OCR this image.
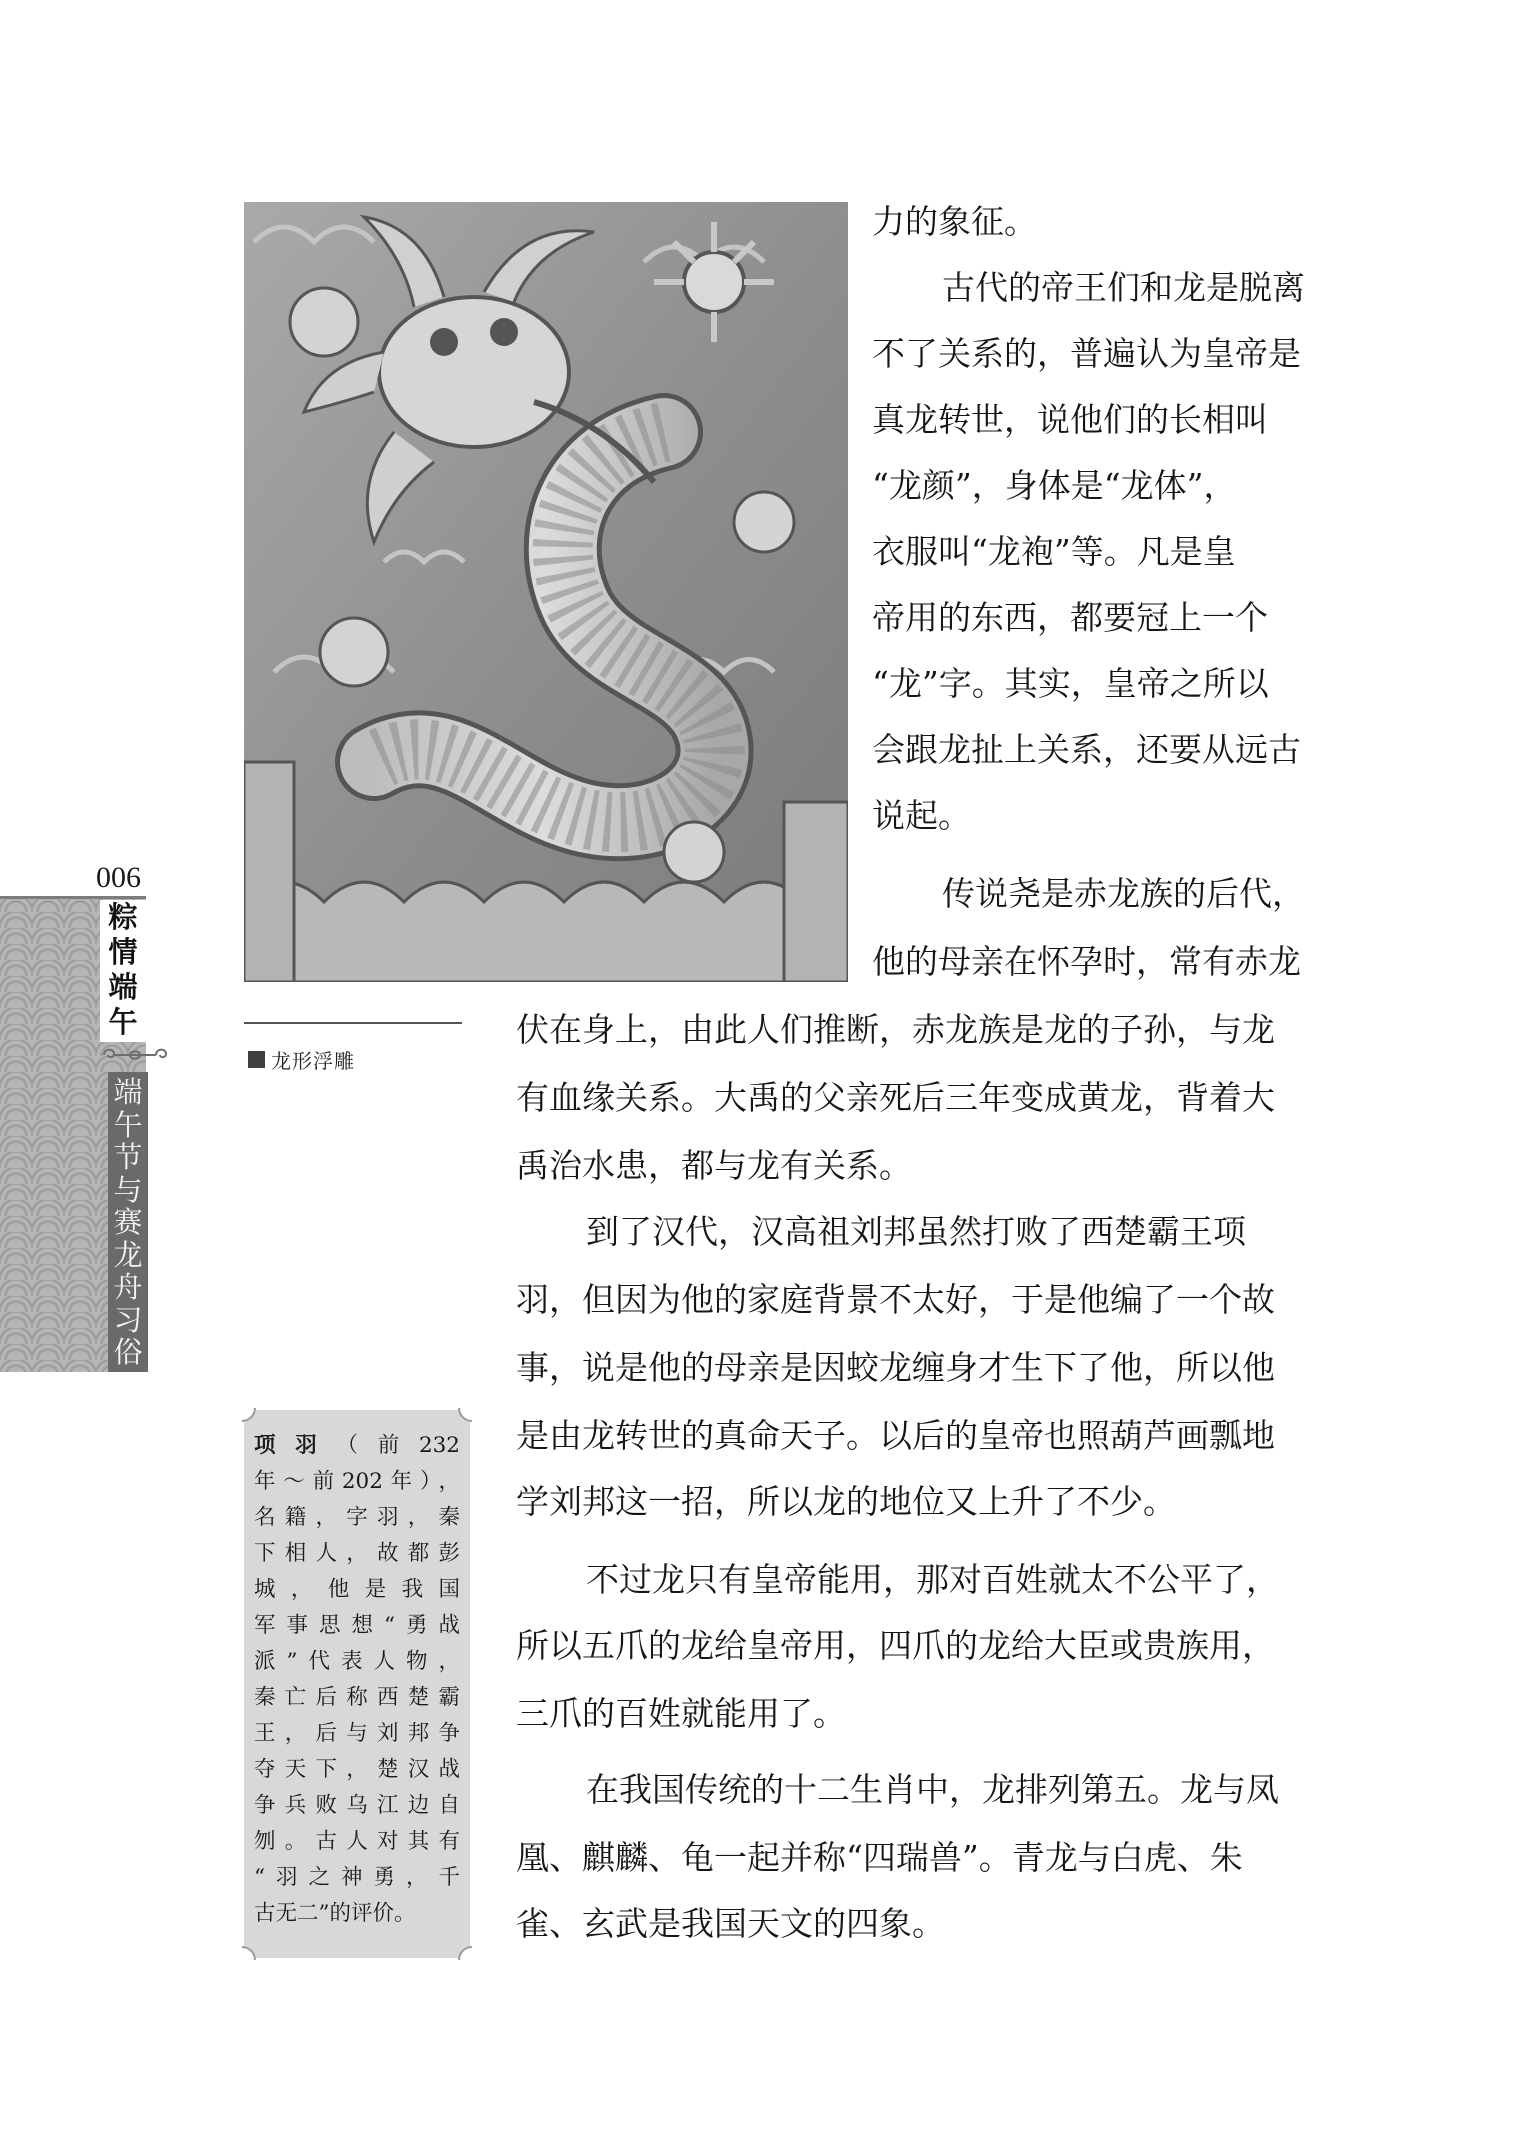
006
粽
情
端
午
端
午
节
与
赛
龙
舟
习
俗
龙形浮雕
项羽（前232
年～前202年），
名籍，字羽，秦
下相人，故都彭
城，他是我国
军事思想“勇战
派”代表人物，
秦亡后称西楚霸
王，后与刘邦争
夺天下，楚汉战
争兵败乌江边自
刎。古人对其有
“羽之神勇，千
古无二”的评价。
力的象征。
古代的帝王们和龙是脱离
不了关系的，普遍认为皇帝是
真龙转世，说他们的长相叫
“龙颜”，身体是“龙体”，
衣服叫“龙袍”等。凡是皇
帝用的东西，都要冠上一个
“龙”字。其实，皇帝之所以
会跟龙扯上关系，还要从远古
说起。
传说尧是赤龙族的后代，
他的母亲在怀孕时，常有赤龙
伏在身上，由此人们推断，赤龙族是龙的子孙，与龙
有血缘关系。大禹的父亲死后三年变成黄龙，背着大
禹治水患，都与龙有关系。
到了汉代，汉高祖刘邦虽然打败了西楚霸王项
羽，但因为他的家庭背景不太好，于是他编了一个故
事，说是他的母亲是因蛟龙缠身才生下了他，所以他
是由龙转世的真命天子。以后的皇帝也照葫芦画瓢地
学刘邦这一招，所以龙的地位又上升了不少。
不过龙只有皇帝能用，那对百姓就太不公平了，
所以五爪的龙给皇帝用，四爪的龙给大臣或贵族用，
三爪的百姓就能用了。
在我国传统的十二生肖中，龙排列第五。龙与凤
凰、麒麟、龟一起并称“四瑞兽”。青龙与白虎、朱
雀、玄武是我国天文的四象。
